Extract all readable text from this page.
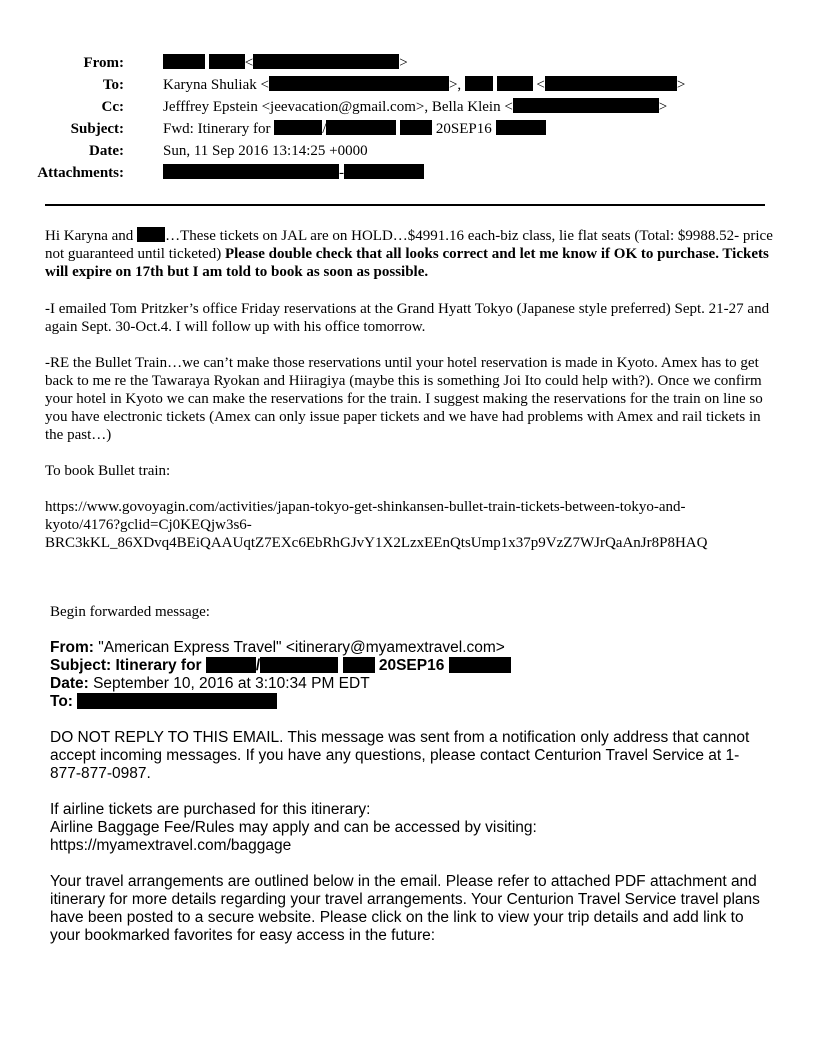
From:	<	>
To:	Karyna Shuliak <	>,	<	>
Cc:	Jefffrey Epstein <jeevacation@gmail.com>, Bella Klein <	>
Subject:	Fwd: Itinerary for	/	20SEP16
Date:	Sun, 11 Sep 2016 13:14:25 +0000
Attachments:	-
Hi Karyna and …These tickets on JAL are on HOLD…$4991.16 each-biz class, lie flat seats (Total: $9988.52- price not guaranteed until ticketed) Please double check that all looks correct and let me know if OK to purchase. Tickets will expire on 17th but I am told to book as soon as possible.
-I emailed Tom Pritzker’s office Friday reservations at the Grand Hyatt Tokyo (Japanese style preferred) Sept. 21-27 and again Sept. 30-Oct.4. I will follow up with his office tomorrow.
-RE the Bullet Train…we can’t make those reservations until your hotel reservation is made in Kyoto. Amex has to get back to me re the Tawaraya Ryokan and Hiiragiya (maybe this is something Joi Ito could help with?). Once we confirm your hotel in Kyoto we can make the reservations for the train. I suggest making the reservations for the train on line so you have electronic tickets (Amex can only issue paper tickets and we have had problems with Amex and rail tickets in the past…)
To book Bullet train:
https://www.govoyagin.com/activities/japan-tokyo-get-shinkansen-bullet-train-tickets-between-tokyo-and-
kyoto/4176?gclid=Cj0KEQjw3s6-
BRC3kKL_86XDvq4BEiQAAUqtZ7EXc6EbRhGJvY1X2LzxEEnQtsUmp1x37p9VzZ7WJrQaAnJr8P8HAQ
Begin forwarded message:
From: "American Express Travel" <itinerary@myamextravel.com>
Subject: Itinerary for	/	20SEP16
Date: September 10, 2016 at 3:10:34 PM EDT
To:
DO NOT REPLY TO THIS EMAIL. This message was sent from a notification only address that cannot accept incoming messages. If you have any questions, please contact Centurion Travel Service at 1-877-877-0987.
If airline tickets are purchased for this itinerary:
Airline Baggage Fee/Rules may apply and can be accessed by visiting:
https://myamextravel.com/baggage
Your travel arrangements are outlined below in the email. Please refer to attached PDF attachment and itinerary for more details regarding your travel arrangements. Your Centurion Travel Service travel plans have been posted to a secure website. Please click on the link to view your trip details and add link to your bookmarked favorites for easy access in the future:
